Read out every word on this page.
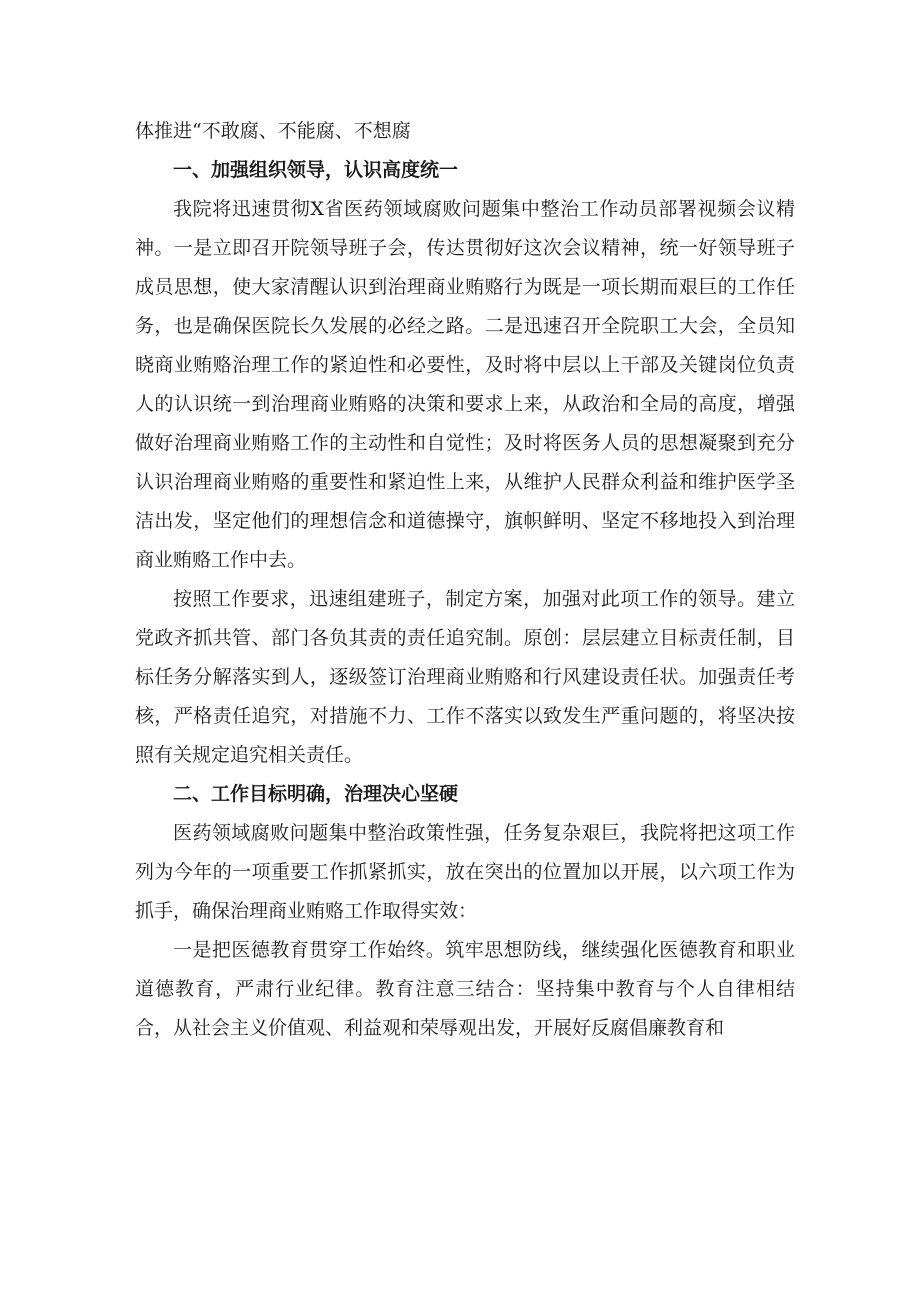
体推进“不敢腐、不能腐、不想腐

一、加强组织领导，认识高度统一

我院将迅速贯彻X省医药领域腐败问题集中整治工作动员部署视频会议精神。一是立即召开院领导班子会，传达贯彻好这次会议精神，统一好领导班子成员思想，使大家清醒认识到治理商业贿赂行为既是一项长期而艰巨的工作任务，也是确保医院长久发展的必经之路。二是迅速召开全院职工大会，全员知晓商业贿赂治理工作的紧迫性和必要性，及时将中层以上干部及关键岗位负责人的认识统一到治理商业贿赂的决策和要求上来，从政治和全局的高度，增强做好治理商业贿赂工作的主动性和自觉性；及时将医务人员的思想凝聚到充分认识治理商业贿赂的重要性和紧迫性上来，从维护人民群众利益和维护医学圣洁出发，坚定他们的理想信念和道德操守，旗帜鲜明、坚定不移地投入到治理商业贿赂工作中去。

按照工作要求，迅速组建班子，制定方案，加强对此项工作的领导。建立党政齐抓共管、部门各负其责的责任追究制。原创：层层建立目标责任制，目标任务分解落实到人，逐级签订治理商业贿赂和行风建设责任状。加强责任考核，严格责任追究，对措施不力、工作不落实以致发生严重问题的，将坚决按照有关规定追究相关责任。

二、工作目标明确，治理决心坚硬

医药领域腐败问题集中整治政策性强，任务复杂艰巨，我院将把这项工作列为今年的一项重要工作抓紧抓实，放在突出的位置加以开展，以六项工作为抓手，确保治理商业贿赂工作取得实效：

一是把医德教育贯穿工作始终。筑牢思想防线，继续强化医德教育和职业道德教育，严肃行业纪律。教育注意三结合：坚持集中教育与个人自律相结合，从社会主义价值观、利益观和荣辱观出发，开展好反腐倡廉教育和
